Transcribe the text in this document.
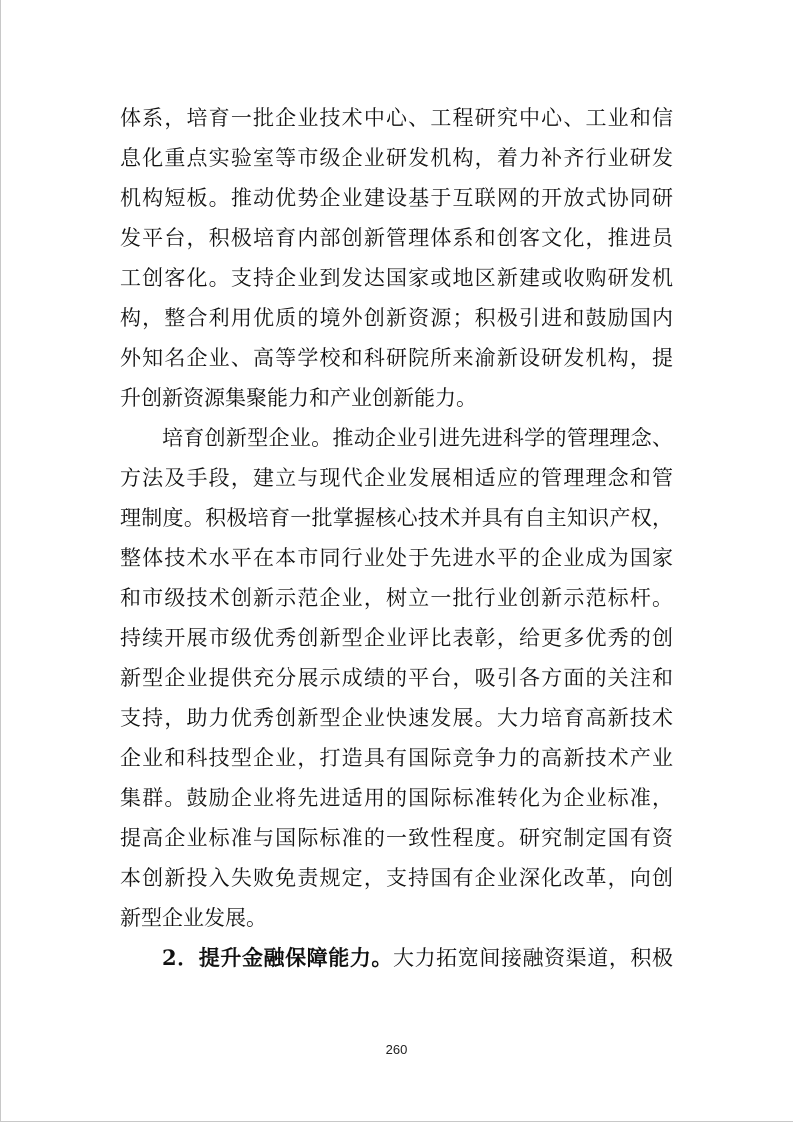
体系，培育一批企业技术中心、工程研究中心、工业和信
息化重点实验室等市级企业研发机构，着力补齐行业研发
机构短板。推动优势企业建设基于互联网的开放式协同研
发平台，积极培育内部创新管理体系和创客文化，推进员
工创客化。支持企业到发达国家或地区新建或收购研发机
构，整合利用优质的境外创新资源；积极引进和鼓励国内
外知名企业、高等学校和科研院所来渝新设研发机构，提
升创新资源集聚能力和产业创新能力。
培育创新型企业。推动企业引进先进科学的管理理念、
方法及手段，建立与现代企业发展相适应的管理理念和管
理制度。积极培育一批掌握核心技术并具有自主知识产权，
整体技术水平在本市同行业处于先进水平的企业成为国家
和市级技术创新示范企业，树立一批行业创新示范标杆。
持续开展市级优秀创新型企业评比表彰，给更多优秀的创
新型企业提供充分展示成绩的平台，吸引各方面的关注和
支持，助力优秀创新型企业快速发展。大力培育高新技术
企业和科技型企业，打造具有国际竞争力的高新技术产业
集群。鼓励企业将先进适用的国际标准转化为企业标准，
提高企业标准与国际标准的一致性程度。研究制定国有资
本创新投入失败免责规定，支持国有企业深化改革，向创
新型企业发展。
2．提升金融保障能力。大力拓宽间接融资渠道，积极
260
